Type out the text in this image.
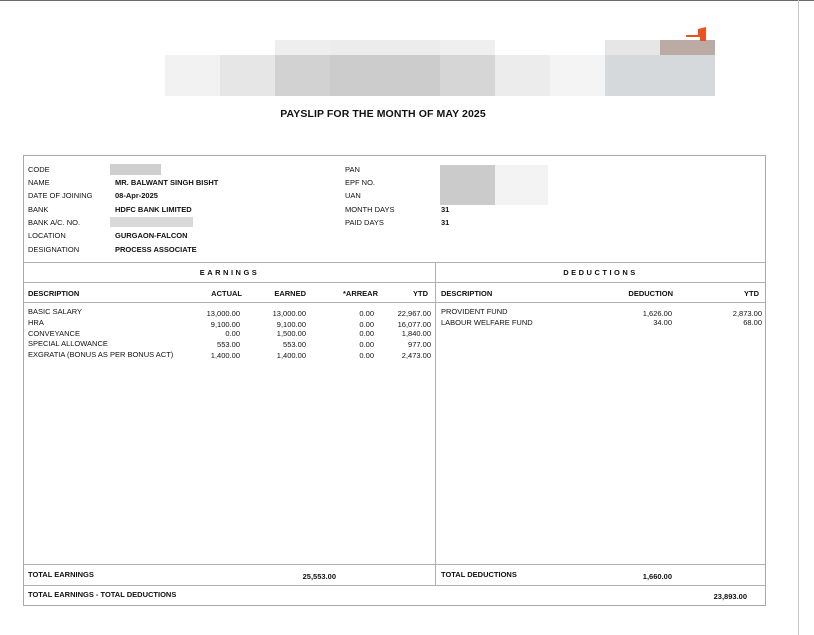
PAYSLIP FOR THE MONTH OF MAY 2025
CODE
NAME	MR. BALWANT SINGH BISHT
DATE OF JOINING	08-Apr-2025
BANK	HDFC BANK LIMITED
BANK A/C. NO.
LOCATION	GURGAON-FALCON
DESIGNATION	PROCESS ASSOCIATE
PAN
EPF NO.
UAN
MONTH DAYS	31
PAID DAYS	31
EARNINGS	DEDUCTIONS
DESCRIPTION	ACTUAL	EARNED	*ARREAR	YTD DESCRIPTION	DEDUCTION	YTD
BASIC SALARY	13,000.00	13,000.00	0.00	22,967.00
HRA	9,100.00	9,100.00	0.00	16,077.00
CONVEYANCE	0.00	1,500.00	0.00	1,840.00
SPECIAL ALLOWANCE	553.00	553.00	0.00	977.00
EXGRATIA (BONUS AS PER BONUS ACT)	1,400.00	1,400.00	0.00	2,473.00
PROVIDENT FUND	1,626.00	2,873.00
LABOUR WELFARE FUND	34.00	68.00
TOTAL EARNINGS	25,553.00	TOTAL DEDUCTIONS	1,660.00
TOTAL EARNINGS - TOTAL DEDUCTIONS	23,893.00
